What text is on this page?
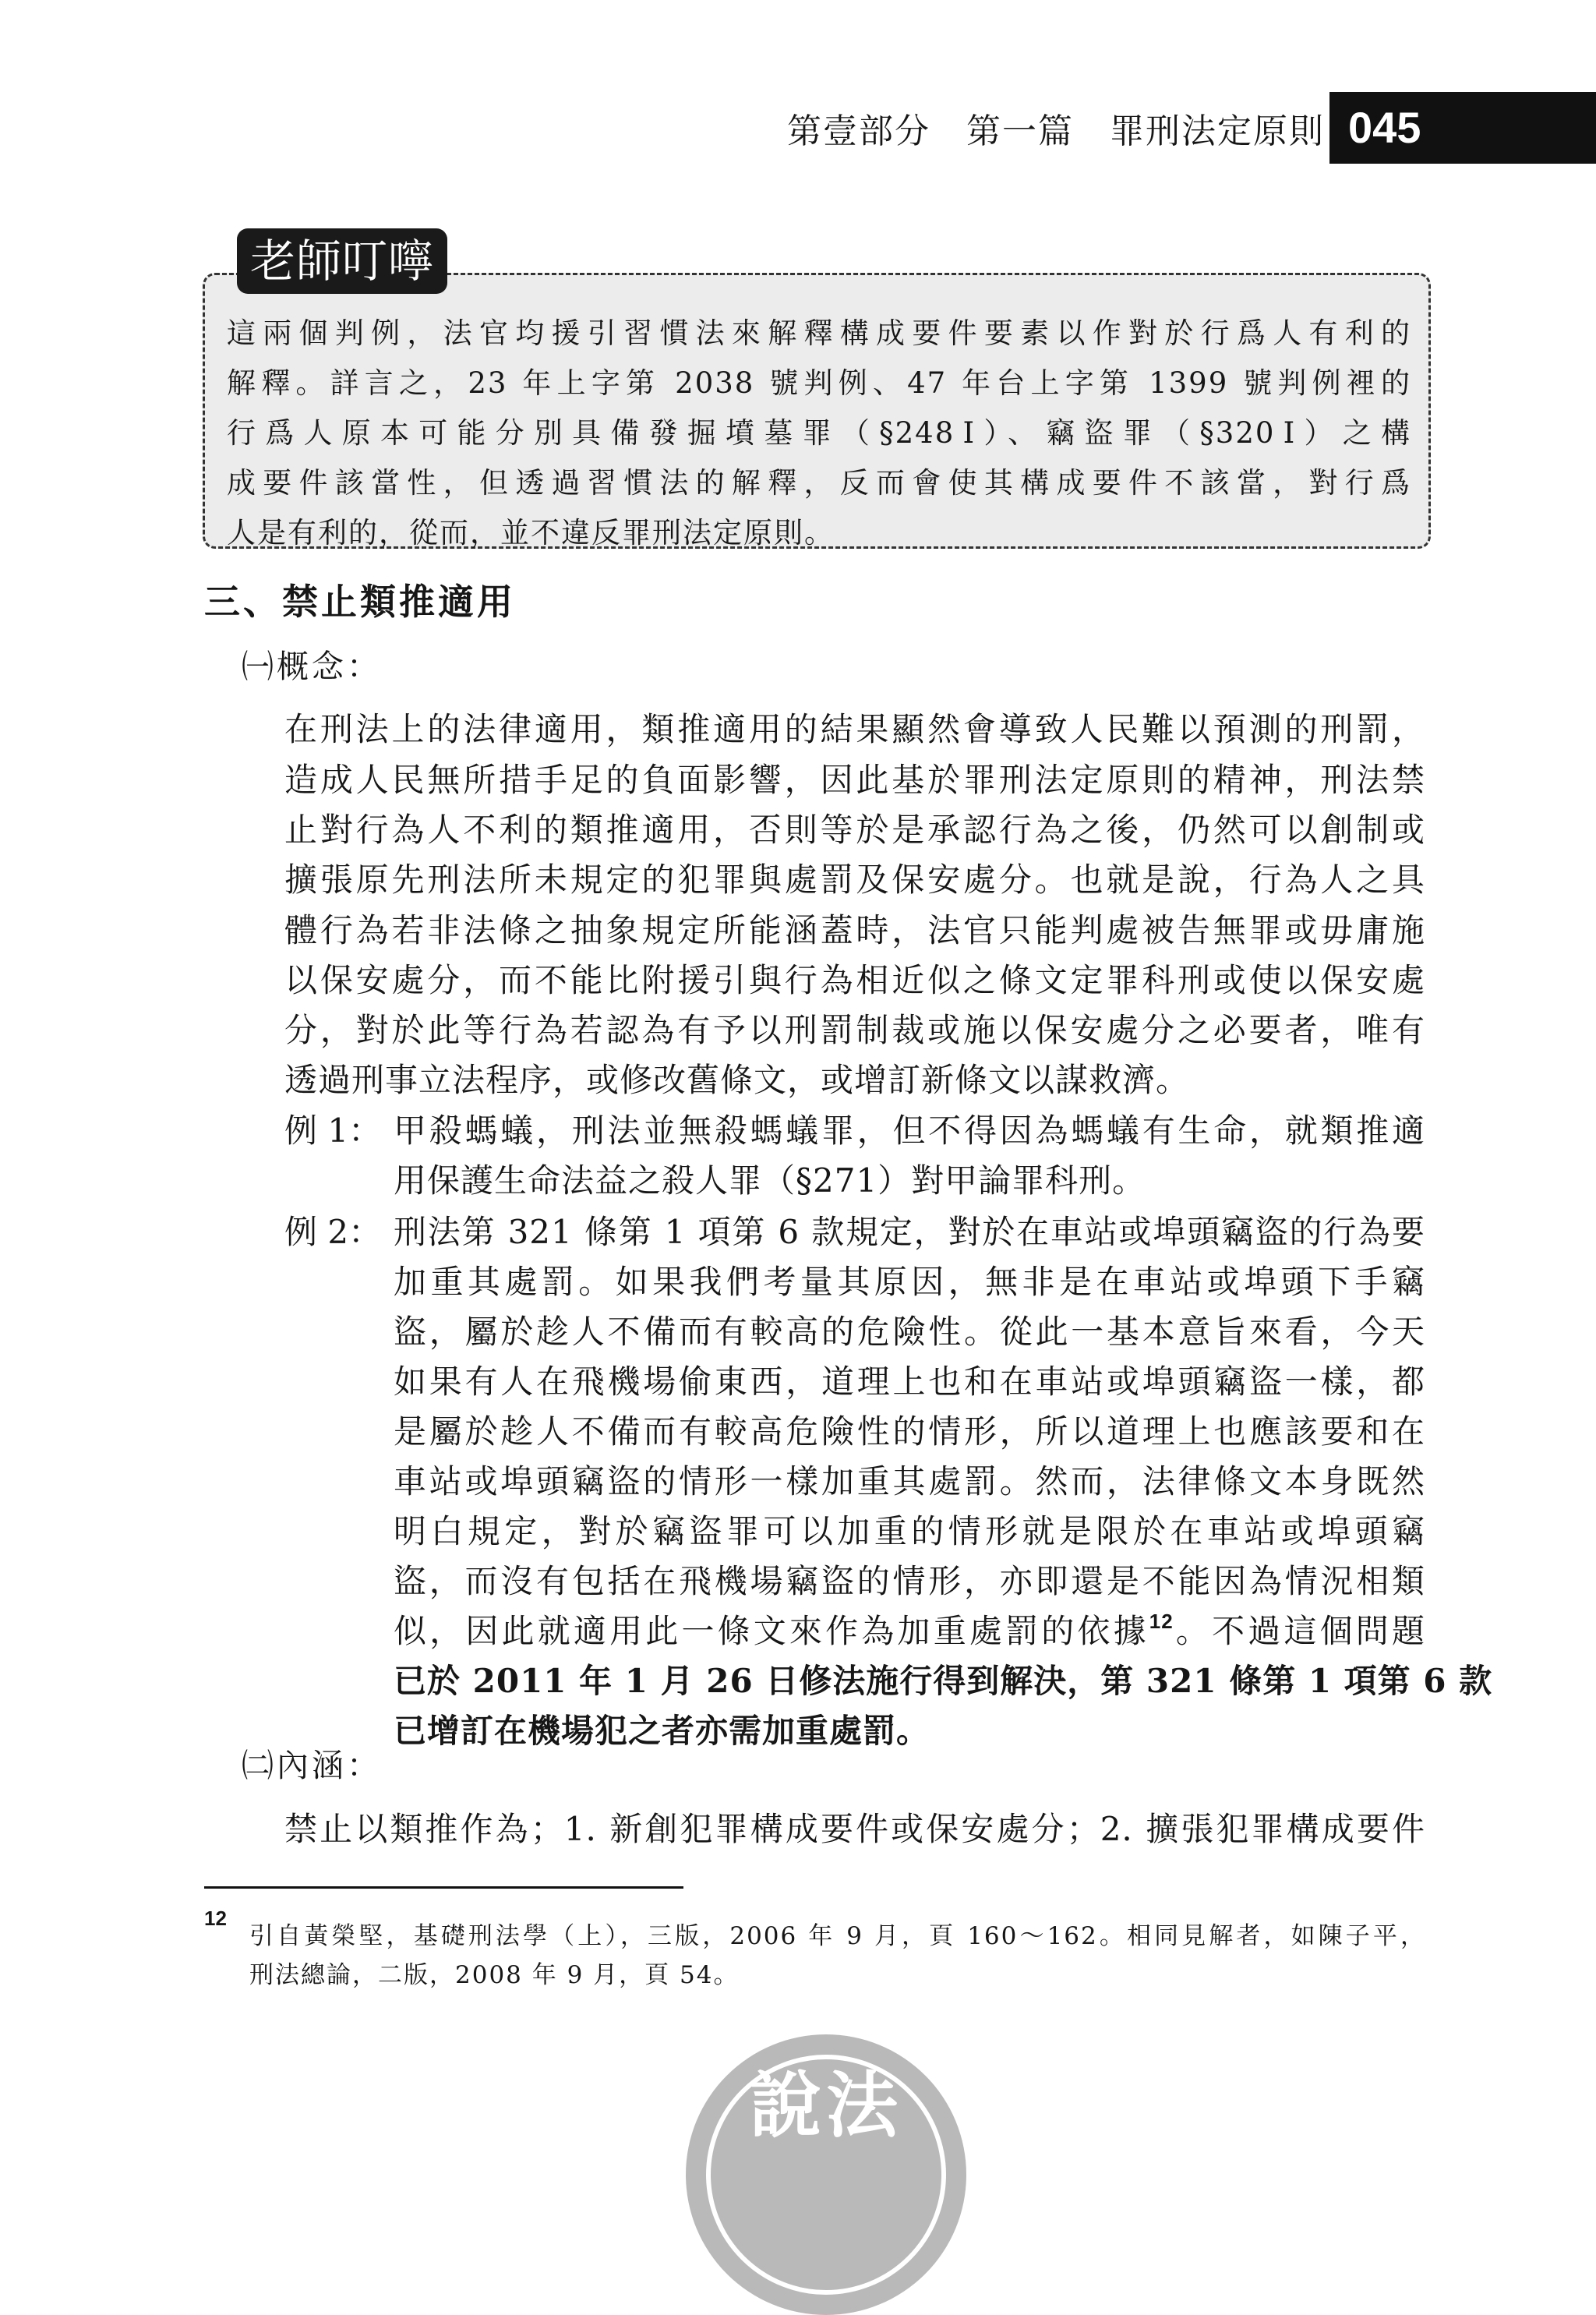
第壹部分　第一篇　罪刑法定原則 045
這兩個判例，法官均援引習慣法來解釋構成要件要素以作對於行爲人有利的
解釋。詳言之，23 年上字第 2038 號判例、47 年台上字第 1399 號判例裡的
行爲人原本可能分別具備發掘墳墓罪（§248Ⅰ）、竊盜罪（§320Ⅰ）之構
成要件該當性，但透過習慣法的解釋，反而會使其構成要件不該當，對行爲
人是有利的，從而，並不違反罪刑法定原則。
老師叮嚀
三、禁止類推適用
㈠概念：
在刑法上的法律適用，類推適用的結果顯然會導致人民難以預測的刑罰，
造成人民無所措手足的負面影響，因此基於罪刑法定原則的精神，刑法禁
止對行為人不利的類推適用，否則等於是承認行為之後，仍然可以創制或
擴張原先刑法所未規定的犯罪與處罰及保安處分。也就是說，行為人之具
體行為若非法條之抽象規定所能涵蓋時，法官只能判處被告無罪或毋庸施
以保安處分，而不能比附援引與行為相近似之條文定罪科刑或使以保安處
分，對於此等行為若認為有予以刑罰制裁或施以保安處分之必要者，唯有
透過刑事立法程序，或修改舊條文，或增訂新條文以謀救濟。
例 1： 甲殺螞蟻，刑法並無殺螞蟻罪，但不得因為螞蟻有生命，就類推適
用保護生命法益之殺人罪（§271）對甲論罪科刑。
例 2： 刑法第 321 條第 1 項第 6 款規定，對於在車站或埠頭竊盜的行為要
加重其處罰。如果我們考量其原因，無非是在車站或埠頭下手竊
盜，屬於趁人不備而有較高的危險性。從此一基本意旨來看，今天
如果有人在飛機場偷東西，道理上也和在車站或埠頭竊盜一樣，都
是屬於趁人不備而有較高危險性的情形，所以道理上也應該要和在
車站或埠頭竊盜的情形一樣加重其處罰。然而，法律條文本身既然
明白規定，對於竊盜罪可以加重的情形就是限於在車站或埠頭竊
盜，而沒有包括在飛機場竊盜的情形，亦即還是不能因為情況相類
似，因此就適用此一條文來作為加重處罰的依據$^{12}$。不過這個問題
已於 2011 年 1 月 26 日修法施行得到解決，第 321 條第 1 項第 6 款
已增訂在機場犯之者亦需加重處罰。
㈡內涵：
禁止以類推作為；1. 新創犯罪構成要件或保安處分；2. 擴張犯罪構成要件
12
引自黃榮堅，基礎刑法學（上），三版，2006 年 9 月，頁 160～162。相同見解者，如陳子平，
刑法總論，二版，2008 年 9 月，頁 54。
說法
